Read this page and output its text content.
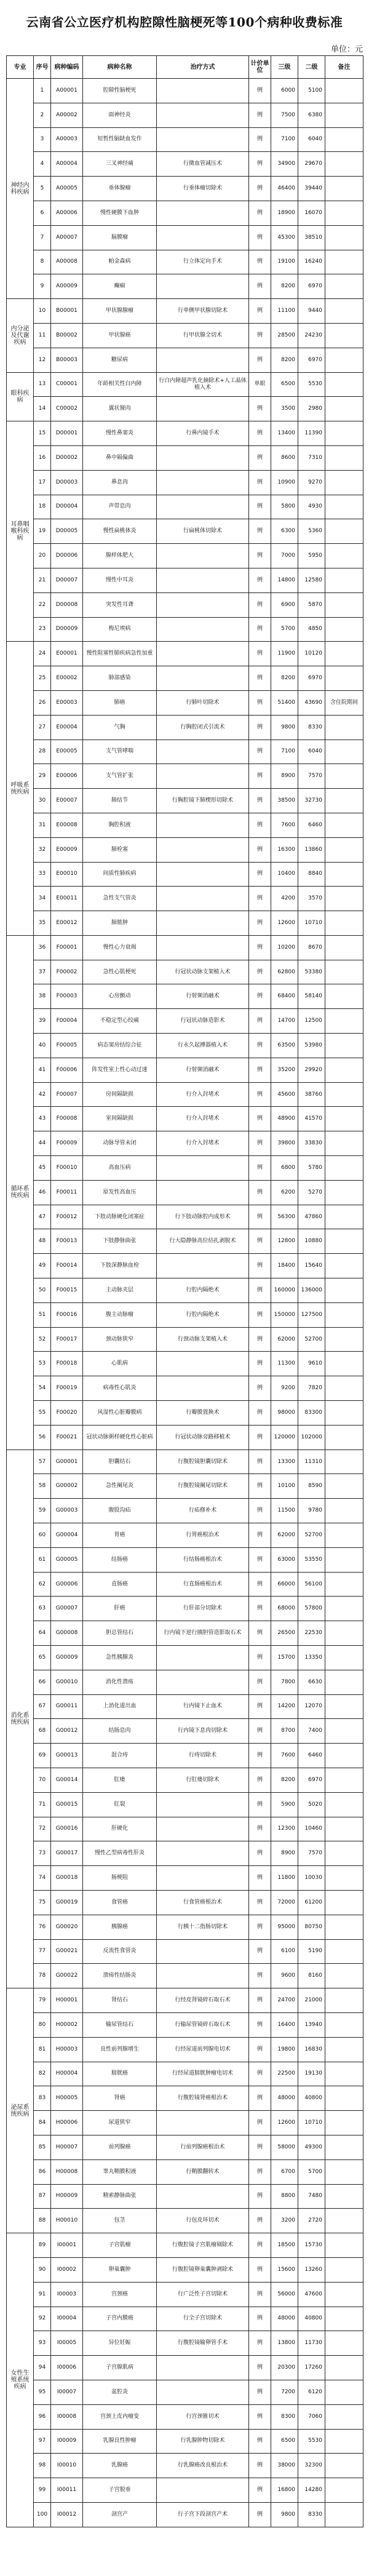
云南省公立医疗机构腔隙性脑梗死等100个病种收费标准
单位：元
专业	序号	病种编码	病种名称	治疗方式	计价单位	三级	二级	备注
神经内科疾病	1	A00001	腔隙性脑梗死		例	6000	5100	
	2	A00002	面神经炎		例	7500	6380	
	3	A00003	短暂性脑缺血发作		例	7100	6040	
	4	A00004	三叉神经痛	行微血管减压术	例	34900	29670	
	5	A00005	垂体腺瘤	行垂体瘤切除术	例	46400	39440	
	6	A00006	慢性硬膜下血肿		例	18900	16070	
	7	A00007	脑膜瘤		例	45300	38510	
	8	A00008	帕金森病	行立体定向手术	例	19100	16240	
	9	A00009	癫痫		例	8200	6970	
内分泌及代谢疾病	10	B00001	甲状腺腺瘤	行单侧甲状腺切除术	例	11100	9440	
	11	B00002	甲状腺癌	行甲状腺全切术	例	28500	24230	
	12	B00003	糖尿病		例	8200	6970	
眼科疾病	13	C00001	年龄相关性白内障	行白内障超声乳化摘除术+人工晶体植入术	单眼	6500	5530	
	14	C00002	翼状胬肉		例	3500	2980	
耳鼻咽喉科疾病	15	D00001	慢性鼻窦炎	行鼻内镜手术	例	13400	11390	
	16	D00002	鼻中隔偏曲		例	8600	7310	
	17	D00003	鼻息肉		例	10900	9270	
	18	D00004	声带息肉		例	5800	4930	
	19	D00005	慢性扁桃体炎	行扁桃体切除术	例	6300	5360	
	20	D00006	腺样体肥大		例	7000	5950	
	21	D00007	慢性中耳炎		例	14800	12580	
	22	D00008	突发性耳聋		例	6900	5870	
	23	D00009	梅尼埃病		例	5700	4850	
呼吸系统疾病	24	E00001	慢性阻塞性肺疾病急性加重		例	11900	10120	
	25	E00002	肺部感染		例	8200	6970	
	26	E00003	肺癌	行肺叶切除术	例	51400	43690	含住院期间
	27	E00004	气胸	行胸腔闭式引流术	例	9800	8330	
	28	E00005	支气管哮喘		例	7100	6040	
	29	E00006	支气管扩张		例	8900	7570	
	30	E00007	肺结节	行胸腔镜下肺楔形切除术	例	38500	32730	
	31	E00008	胸腔积液		例	7600	6460	
	32	E00009	肺栓塞		例	16300	13860	
	33	E00010	间质性肺疾病		例	10400	8840	
	34	E00011	急性支气管炎		例	4200	3570	
	35	E00012	肺脓肿		例	12600	10710	
循环系统疾病	36	F00001	慢性心力衰竭		例	10200	8670	
	37	F00002	急性心肌梗死	行冠状动脉支架植入术	例	62800	53380	
	38	F00003	心房颤动	行射频消融术	例	68400	58140	
	39	F00004	不稳定型心绞痛	行冠状动脉造影术	例	14700	12500	
	40	F00005	病态窦房结综合征	行永久起搏器植入术	例	63500	53980	
	41	F00006	阵发性室上性心动过速	行射频消融术	例	35200	29920	
	42	F00007	房间隔缺损	行介入封堵术	例	45600	38760	
	43	F00008	室间隔缺损	行介入封堵术	例	48900	41570	
	44	F00009	动脉导管未闭	行介入封堵术	例	39800	33830	
	45	F00010	高血压病		例	6800	5780	
	46	F00011	原发性高血压		例	6200	5270	
	47	F00012	下肢动脉硬化闭塞症	行下肢动脉腔内成形术	例	56300	47860	
	48	F00013	下肢静脉曲张	行大隐静脉高位结扎剥脱术	例	12800	10880	
	49	F00014	下肢深静脉血栓		例	18400	15640	
	50	F00015	主动脉夹层	行腔内隔绝术	例	160000	136000	
	51	F00016	腹主动脉瘤	行腔内隔绝术	例	150000	127500	
	52	F00017	颈动脉狭窄	行颈动脉支架植入术	例	62000	52700	
	53	F00018	心肌病		例	11300	9610	
	54	F00019	病毒性心肌炎		例	9200	7820	
	55	F00020	风湿性心脏瓣膜病	行瓣膜置换术	例	98000	83300	
	56	F00021	冠状动脉粥样硬化性心脏病	行冠状动脉旁路移植术	例	120000	102000	
消化系统疾病	57	G00001	胆囊结石	行腹腔镜胆囊切除术	例	13300	11310	
	58	G00002	急性阑尾炎	行腹腔镜阑尾切除术	例	10100	8590	
	59	G00003	腹股沟疝	行疝修补术	例	11500	9780	
	60	G00004	胃癌	行胃癌根治术	例	62000	52700	
	61	G00005	结肠癌	行结肠癌根治术	例	63000	53550	
	62	G00006	直肠癌	行直肠癌根治术	例	66000	56100	
	63	G00007	肝癌	行肝部分切除术	例	68000	57800	
	64	G00008	胆总管结石	行内镜下逆行胰胆管造影取石术	例	26500	22530	
	65	G00009	急性胰腺炎		例	15700	13350	
	66	G00010	消化性溃疡		例	7800	6630	
	67	G00011	上消化道出血	行内镜下止血术	例	14200	12070	
	68	G00012	结肠息肉	行内镜下息肉切除术	例	8700	7400	
	69	G00013	混合痔	行痔切除术	例	7600	6460	
	70	G00014	肛瘘	行肛瘘切除术	例	8200	6970	
	71	G00015	肛裂		例	5900	5020	
	72	G00016	肝硬化		例	12300	10460	
	73	G00017	慢性乙型病毒性肝炎		例	8900	7570	
	74	G00018	肠梗阻		例	11800	10030	
	75	G00019	食管癌	行食管癌根治术	例	72000	61200	
	76	G00020	胰腺癌	行胰十二指肠切除术	例	95000	80750	
	77	G00021	反流性食管炎		例	6100	5190	
	78	G00022	溃疡性结肠炎		例	9600	8160	
泌尿系统疾病	79	H00001	肾结石	行经皮肾镜碎石取石术	例	24700	21000	
	80	H00002	输尿管结石	行输尿管镜碎石取石术	例	16400	13940	
	81	H00003	良性前列腺增生	行经尿道前列腺电切术	例	19800	16830	
	82	H00004	膀胱癌	行经尿道膀胱肿瘤电切术	例	22500	19130	
	83	H00005	肾癌	行腹腔镜肾癌根治术	例	48000	40800	
	84	H00006	尿道狭窄		例	12600	10710	
	85	H00007	前列腺癌	行前列腺癌根治术	例	58000	49300	
	86	H00008	睾丸鞘膜积液	行鞘膜翻转术	例	6700	5700	
	87	H00009	精索静脉曲张		例	8800	7480	
	88	H00010	包茎	行包皮环切术	例	3200	2720	
女性生殖系统疾病	89	I00001	子宫肌瘤	行腹腔镜子宫肌瘤剔除术	例	18500	15730	
	90	I00002	卵巢囊肿	行腹腔镜卵巢囊肿剥除术	例	15600	13260	
	91	I00003	宫颈癌	行广泛性子宫切除术	例	56000	47600	
	92	I00004	子宫内膜癌	行全子宫切除术	例	48000	40800	
	93	I00005	异位妊娠	行腹腔镜输卵管手术	例	13800	11730	
	94	I00006	子宫腺肌病		例	20300	17260	
	95	I00007	盆腔炎		例	7200	6120	
	96	I00008	宫颈上皮内瘤变	行宫颈锥切术	例	8300	7060	
	97	I00009	乳腺良性肿瘤	行乳腺肿物切除术	例	6500	5530	
	98	I00010	乳腺癌	行乳腺癌改良根治术	例	38000	32300	
	99	I00011	子宫脱垂		例	16800	14280	
	100	I00012	剖宫产	行子宫下段剖宫产术	例	9800	8330	
